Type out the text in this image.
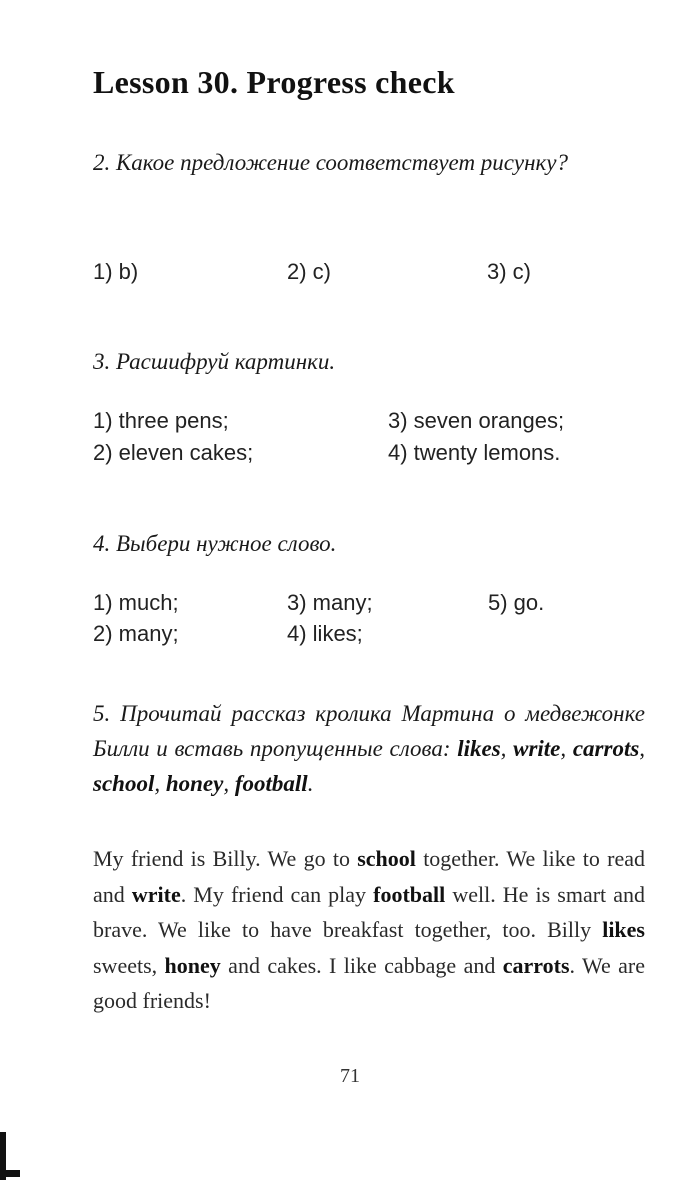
Lesson 30. Progress check
2. Какое предложение соответствует рисунку?
1) b)	2) c)	3) c)
3. Расшифруй картинки.
1) three pens;
2) eleven cakes;
3) seven oranges;
4) twenty lemons.
4. Выбери нужное слово.
1) much;
2) many;
3) many;
4) likes;
5) go.
5. Прочитай рассказ кролика Мартина о медвежонке Билли и вставь пропущенные слова: likes, write, carrots, school, honey, football.
My friend is Billy. We go to school together. We like to read and write. My friend can play football well. He is smart and brave. We like to have breakfast together, too. Billy likes sweets, honey and cakes. I like cabbage and carrots. We are good friends!
71
